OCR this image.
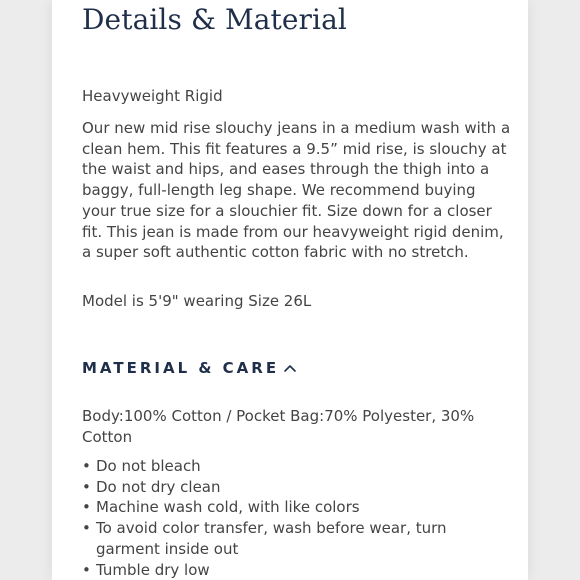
Details & Material
Heavyweight Rigid
Our new mid rise slouchy jeans in a medium wash with a clean hem. This fit features a 9.5” mid rise, is slouchy at the waist and hips, and eases through the thigh into a baggy, full-length leg shape. We recommend buying your true size for a slouchier fit. Size down for a closer fit. This jean is made from our heavyweight rigid denim, a super soft authentic cotton fabric with no stretch.
Model is 5'9" wearing Size 26L
MATERIAL & CARE
Body:100% Cotton / Pocket Bag:70% Polyester, 30% Cotton
• Do not bleach
• Do not dry clean
• Machine wash cold, with like colors
• To avoid color transfer, wash before wear, turn garment inside out
• Tumble dry low
